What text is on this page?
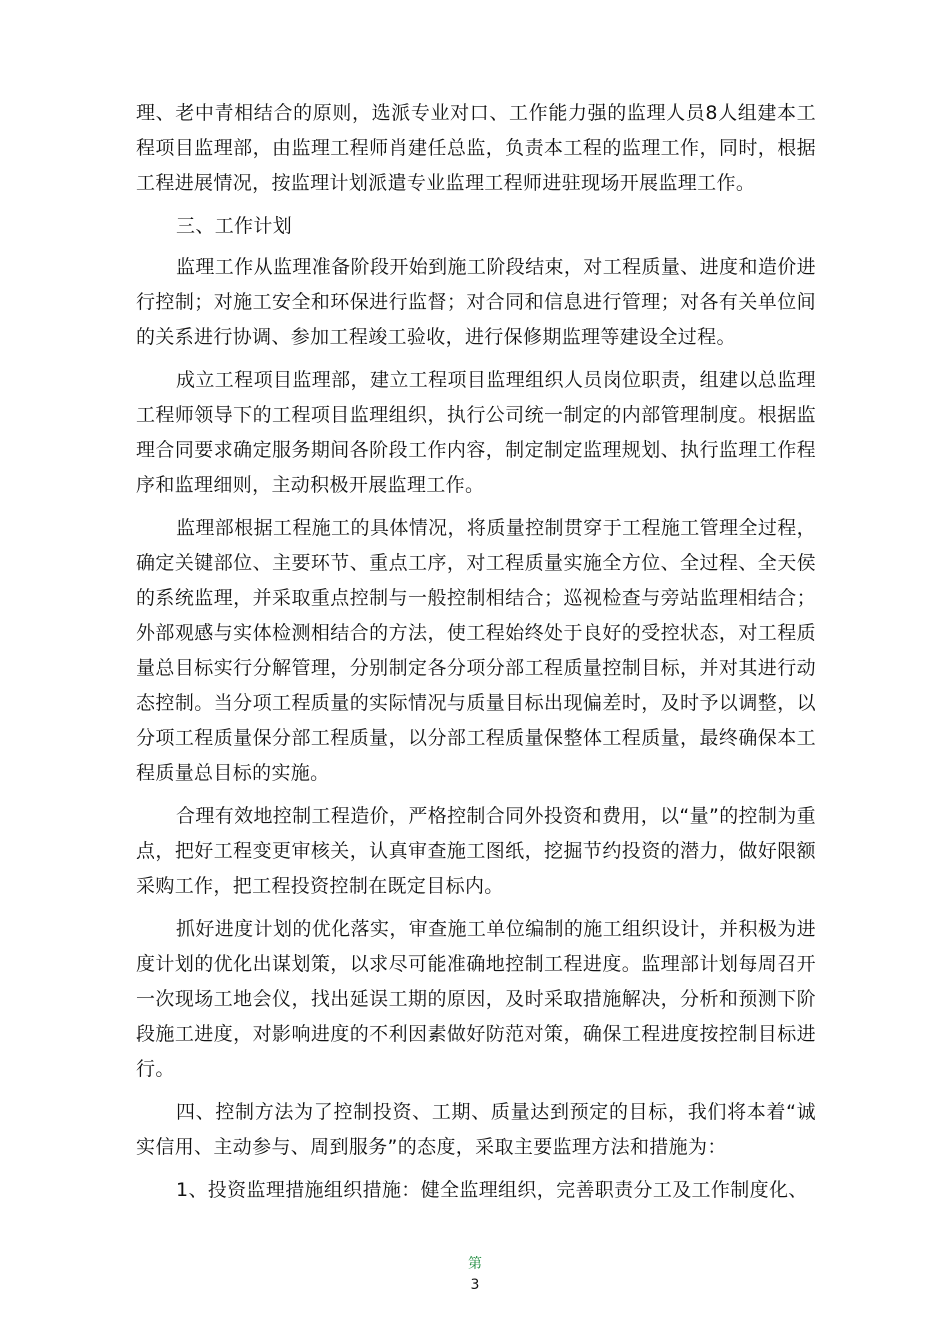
理、老中青相结合的原则，选派专业对口、工作能力强的监理人员8人组建本工程项目监理部，由监理工程师肖建任总监，负责本工程的监理工作，同时，根据工程进展情况，按监理计划派遣专业监理工程师进驻现场开展监理工作。

三、工作计划

监理工作从监理准备阶段开始到施工阶段结束，对工程质量、进度和造价进行控制；对施工安全和环保进行监督；对合同和信息进行管理；对各有关单位间的关系进行协调、参加工程竣工验收，进行保修期监理等建设全过程。

成立工程项目监理部，建立工程项目监理组织人员岗位职责，组建以总监理工程师领导下的工程项目监理组织，执行公司统一制定的内部管理制度。根据监理合同要求确定服务期间各阶段工作内容，制定制定监理规划、执行监理工作程序和监理细则，主动积极开展监理工作。

监理部根据工程施工的具体情况，将质量控制贯穿于工程施工管理全过程，确定关键部位、主要环节、重点工序，对工程质量实施全方位、全过程、全天侯的系统监理，并采取重点控制与一般控制相结合；巡视检查与旁站监理相结合；外部观感与实体检测相结合的方法，使工程始终处于良好的受控状态，对工程质量总目标实行分解管理，分别制定各分项分部工程质量控制目标，并对其进行动态控制。当分项工程质量的实际情况与质量目标出现偏差时，及时予以调整，以分项工程质量保分部工程质量，以分部工程质量保整体工程质量，最终确保本工程质量总目标的实施。

合理有效地控制工程造价，严格控制合同外投资和费用，以“量”的控制为重点，把好工程变更审核关，认真审查施工图纸，挖掘节约投资的潜力，做好限额采购工作，把工程投资控制在既定目标内。

抓好进度计划的优化落实，审查施工单位编制的施工组织设计，并积极为进度计划的优化出谋划策，以求尽可能准确地控制工程进度。监理部计划每周召开一次现场工地会仪，找出延误工期的原因，及时采取措施解决，分析和预测下阶段施工进度，对影响进度的不利因素做好防范对策，确保工程进度按控制目标进行。

四、控制方法为了控制投资、工期、质量达到预定的目标，我们将本着“诚实信用、主动参与、周到服务”的态度，采取主要监理方法和措施为：

1、投资监理措施组织措施：健全监理组织，完善职责分工及工作制度化、

第
3
